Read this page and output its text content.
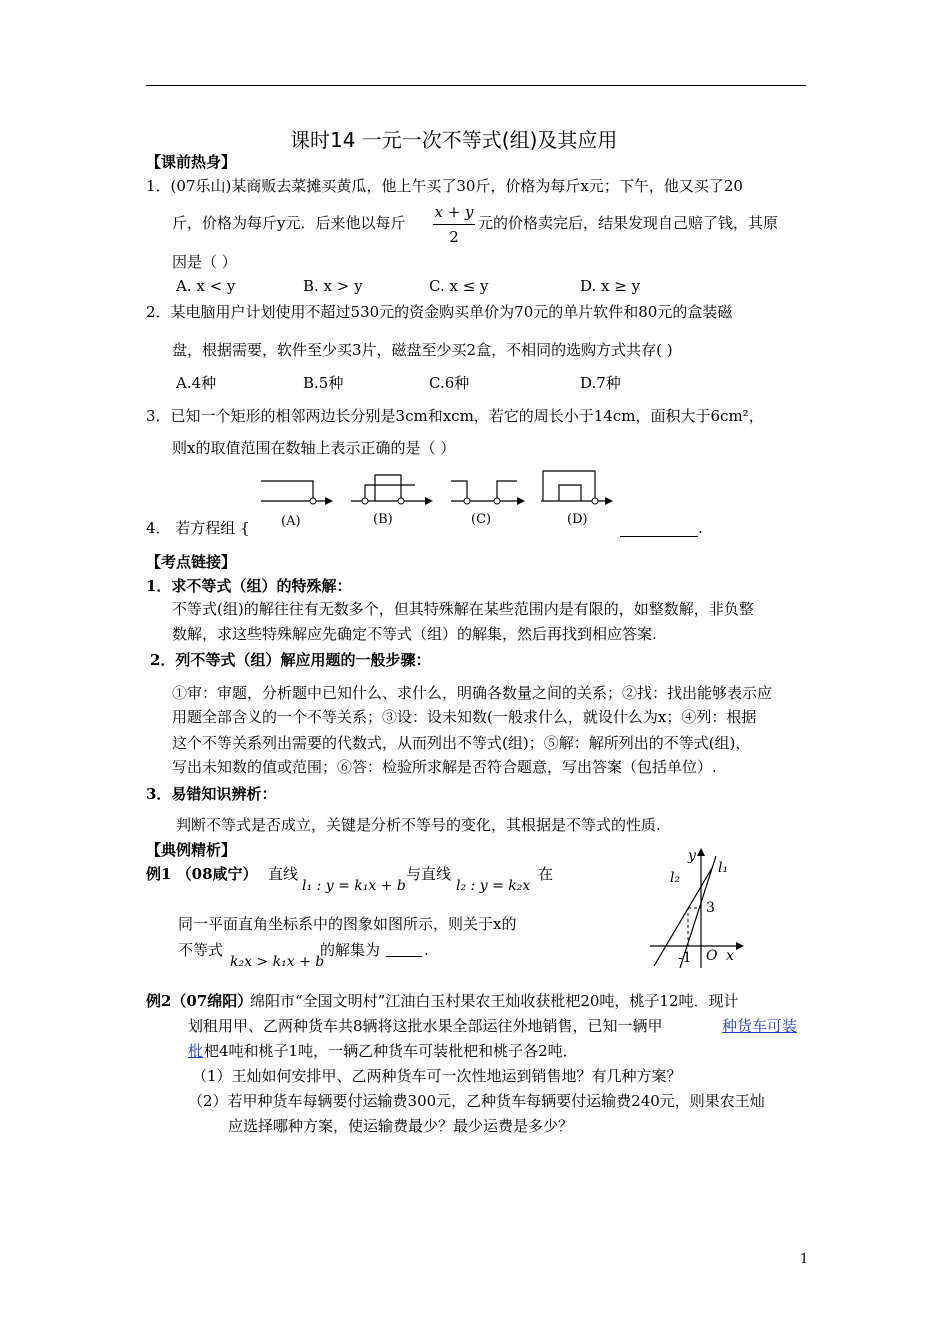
课时14 一元一次不等式(组)及其应用
【课前热身】
1．(07乐山)某商贩去菜摊买黄瓜，他上午买了30斤，价格为每斤x元；下午，他又买了20
斤，价格为每斤y元．后来他以每斤
x + y
2
元的价格卖完后，结果发现自己赔了钱，其原
因是（ ）
A. x < y	B. x > y	C. x ≤ y	D. x ≥ y
2．某电脑用户计划使用不超过530元的资金购买单价为70元的单片软件和80元的盒装磁
盘，根据需要，软件至少买3片，磁盘至少买2盒，不相同的选购方式共存( )
A.4种	B.5种	C.6种	D.7种
3．已知一个矩形的相邻两边长分别是3cm和xcm，若它的周长小于14cm，面积大于6cm²，
则x的取值范围在数轴上表示正确的是（ ）
(A)	(B)	(C)	(D)
4． 若方程组 {	.
【考点链接】
1．求不等式（组）的特殊解：
不等式(组)的解往往有无数多个，但其特殊解在某些范围内是有限的，如整数解，非负整
数解，求这些特殊解应先确定不等式（组）的解集，然后再找到相应答案.
2．列不等式（组）解应用题的一般步骤：
①审：审题，分析题中已知什么、求什么，明确各数量之间的关系；②找：找出能够表示应
用题全部含义的一个不等关系；③设：设未知数(一般求什么，就设什么为x；④列：根据
这个不等关系列出需要的代数式，从而列出不等式(组)；⑤解：解所列出的不等式(组)，
写出未知数的值或范围；⑥答：检验所求解是否符合题意，写出答案（包括单位）.
3．易错知识辨析：
判断不等式是否成立，关键是分析不等号的变化，其根据是不等式的性质.
【典例精析】
例1 （08咸宁） 直线
l₁ : y = k₁x + b
与直线
l₂ : y = k₂x
在
同一平面直角坐标系中的图象如图所示，则关于x的
不等式
k₂x > k₁x + b
的解集为	.
y
x
O
l₁
l₂
3
-1
例2（07绵阳）
绵阳市“全国文明村”江油白玉村果农王灿收获枇杷20吨，桃子12吨．现计
划租用甲、乙两种货车共8辆将这批水果全部运往外地销售，已知一辆甲	种货车可装
枇 杷4吨和桃子1吨，一辆乙种货车可装枇杷和桃子各2吨．
（1）王灿如何安排甲、乙两种货车可一次性地运到销售地？有几种方案？
（2）若甲种货车每辆要付运输费300元，乙种货车每辆要付运输费240元，则果农王灿
应选择哪种方案，使运输费最少？最少运费是多少？
1
